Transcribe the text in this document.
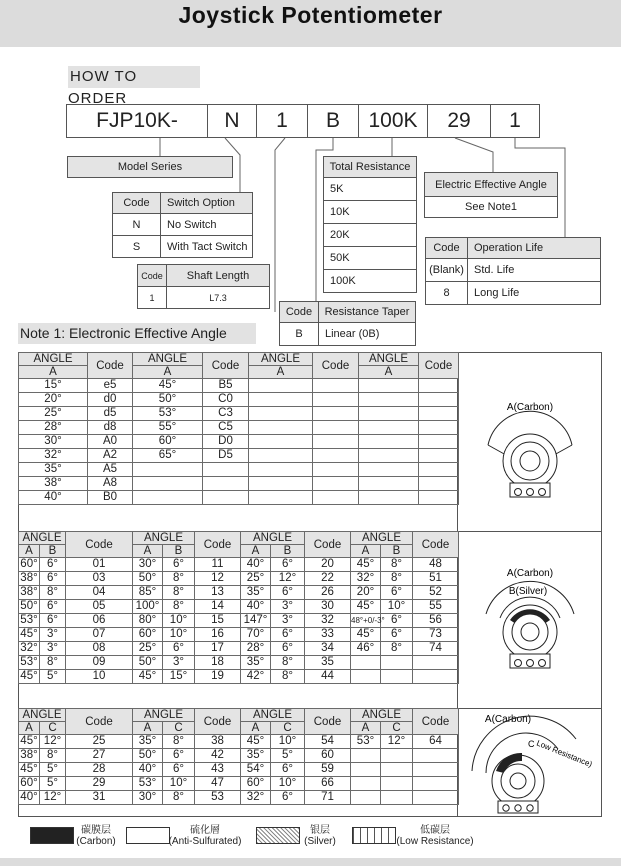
Joystick Potentiometer
HOW TO ORDER
FJP10K-	N	1	B	100K	29	1
Model Series
Code	Switch Option
N	No Switch
S	With Tact Switch
Code	Shaft Length
1	L7.3
Total Resistance
5K
10K
20K
50K
100K
Code	Resistance Taper
B	Linear (0B)
Electric Effective Angle
See Note1
Code	Operation Life
(Blank) Std. Life
8	Long Life
Note 1: Electronic Effective Angle
ANGLE	Code	ANGLE	Code	ANGLE	Code	ANGLE	Code
A		A		A		A	
15°	e5	45°	B5				
20°	d0	50°	C0				
25°	d5	53°	C3				
28°	d8	55°	C5				
30°	A0	60°	D0				
32°	A2	65°	D5				
35°	A5						
38°	A8						
40°	B0						
ANGLE		Code	ANGLE		Code	ANGLE		Code	ANGLE		Code
A	B		A	B		A	B		A	B	
60°	6°	01	30°	6°	11	40°	6°	20	45°	8°	48
38°	6°	03	50°	8°	12	25°	12°	22	32°	8°	51
38°	8°	04	85°	8°	13	35°	6°	26	20°	6°	52
50°	6°	05	100°	8°	14	40°	3°	30	45°	10°	55
53°	6°	06	80°	10°	15	147°	3°	32	48°+0/-3°	6°	56
45°	3°	07	60°	10°	16	70°	6°	33	45°	6°	73
32°	3°	08	25°	6°	17	28°	6°	34	46°	8°	74
53°	8°	09	50°	3°	18	35°	8°	35			
45°	5°	10	45°	15°	19	42°	8°	44			
ANGLE		Code	ANGLE		Code	ANGLE		Code	ANGLE		Code
A	C		A	C		A	C		A	C	
45°	12°	25	35°	8°	38	45°	10°	54	53°	12°	64
38°	8°	27	50°	6°	42	35°	5°	60			
45°	5°	28	40°	6°	43	54°	6°	59			
60°	5°	29	53°	10°	47	60°	10°	66			
40°	12°	31	30°	8°	53	32°	6°	71			
A(Carbon)
A(Carbon)
B(Silver)
A(Carbon)
C Low Resistance)
碳膜层
(Carbon)
硫化層
(Anti-Sulfurated)
银层
(Silver)
低碳层
(Low Resistance)
